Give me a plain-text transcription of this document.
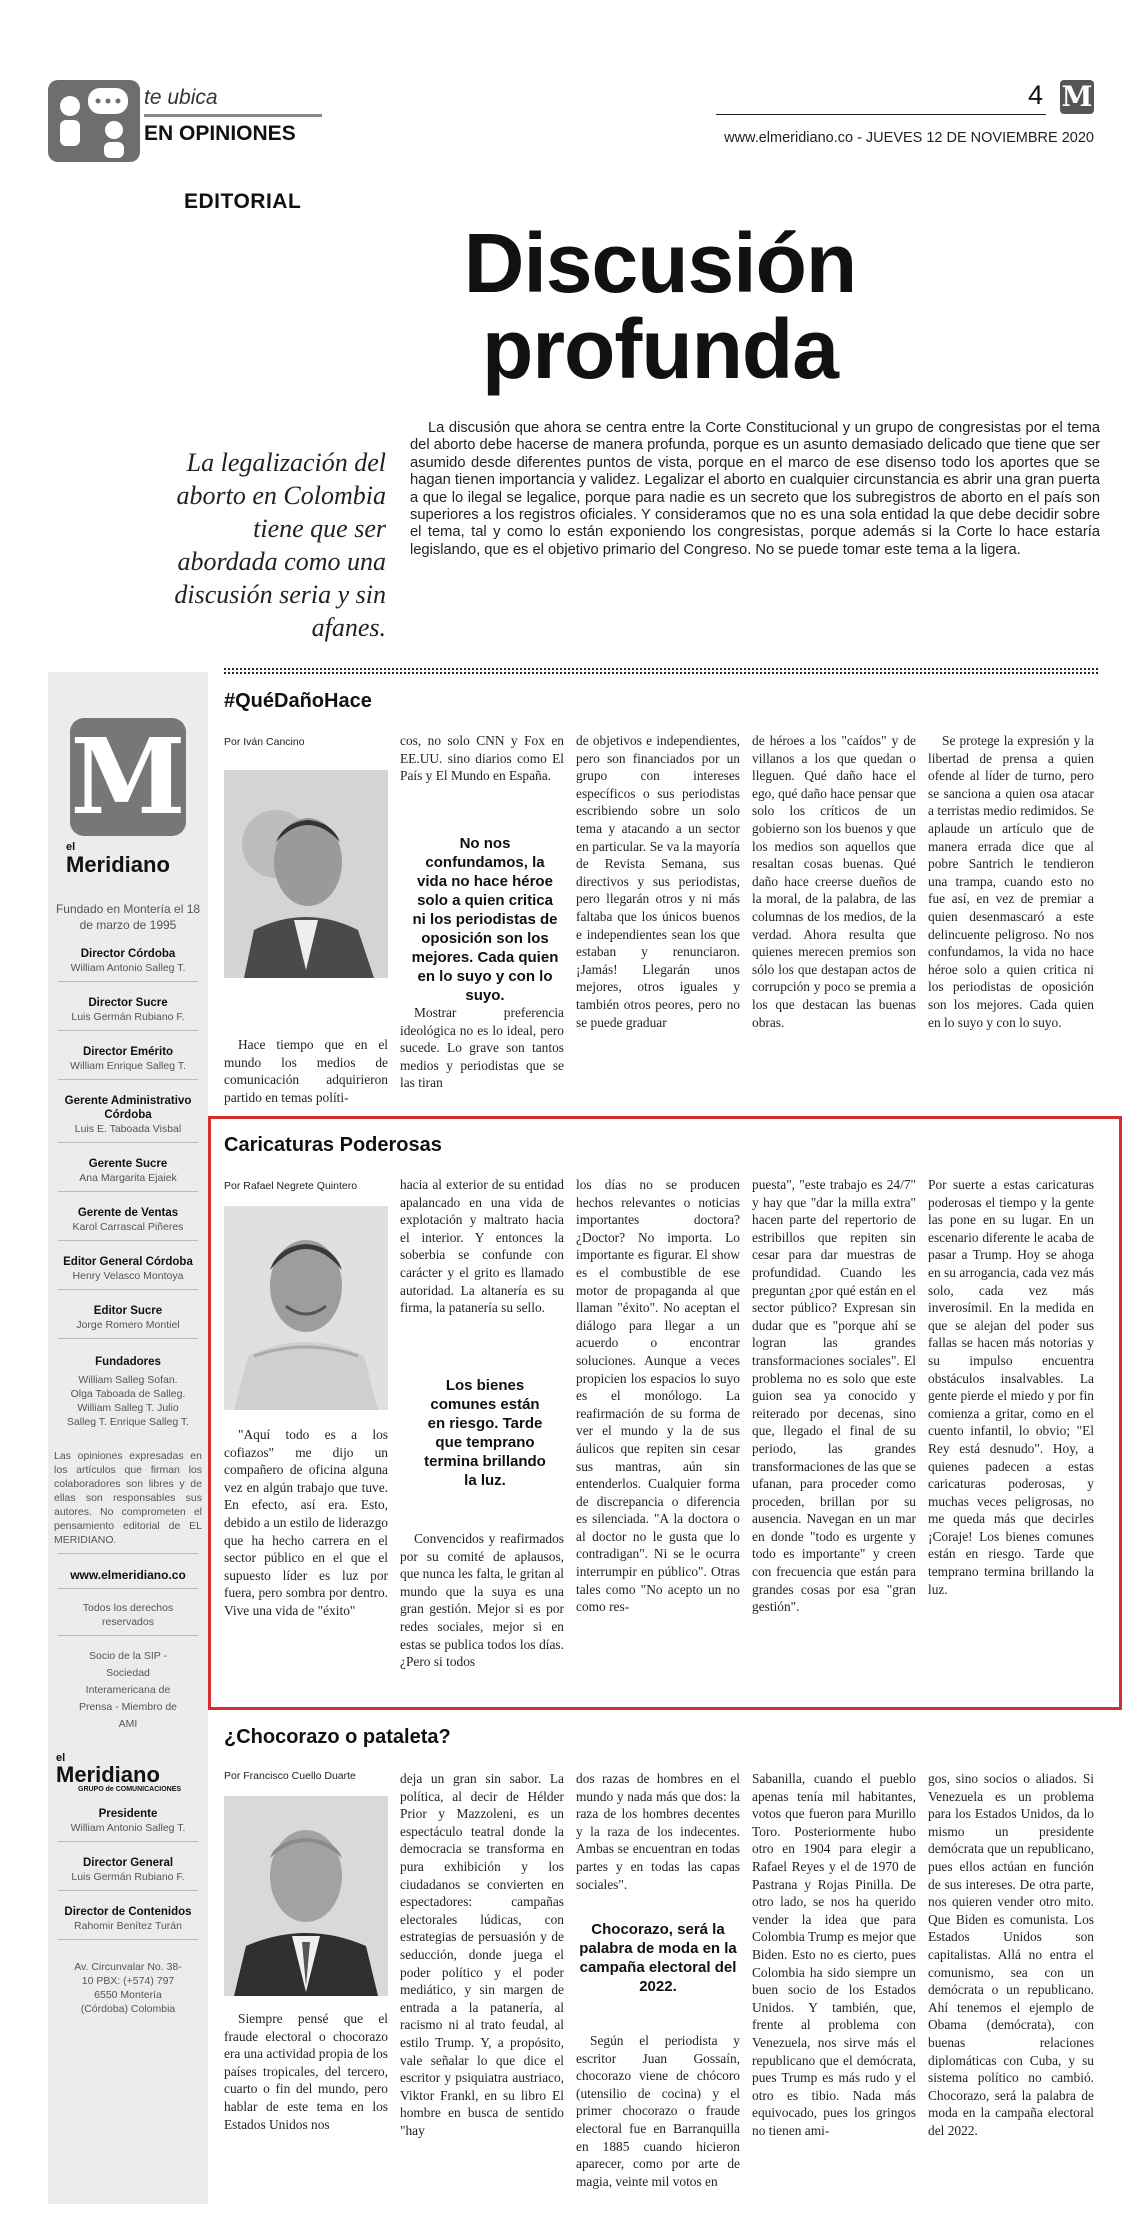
te ubica
EN OPINIONES
4 M
www.elmeridiano.co - JUEVES 12 DE NOVIEMBRE 2020
EDITORIAL
Discusión
profunda
La legalización del aborto en Colombia tiene que ser abordada como una discusión seria y sin afanes.
La discusión que ahora se centra entre la Corte Constitucional y un grupo de congresistas por el tema del aborto debe hacerse de manera profunda, porque es un asunto demasiado delicado que tiene que ser asumido desde diferentes puntos de vista, porque en el marco de ese disenso todo los aportes que se hagan tienen importancia y validez. Legalizar el aborto en cualquier circunstancia es abrir una gran puerta a que lo ilegal se legalice, porque para nadie es un secreto que los subregistros de aborto en el país son superiores a los registros oficiales. Y consideramos que no es una sola entidad la que debe decidir sobre el tema, tal y como lo están exponiendo los congresistas, porque además si la Corte lo hace estaría legislando, que es el objetivo primario del Congreso. No se puede tomar este tema a la ligera.
M
el
Meridiano
Fundado en Montería el 18 de marzo de 1995
Director Córdoba
William Antonio Salleg T.
Director Sucre
Luis Germán Rubiano F.
Director Emérito
William Enrique Salleg T.
Gerente Administrativo Córdoba
Luis E. Taboada Visbal
Gerente Sucre
Ana Margarita Ejaiek
Gerente de Ventas
Karol Carrascal Piñeres
Editor General Córdoba
Henry Velasco Montoya
Editor Sucre
Jorge Romero Montiel
Fundadores
William Salleg Sofan. Olga Taboada de Salleg. William Salleg T. Julio Salleg T. Enrique Salleg T.
Las opiniones expresadas en los artículos que firman los colaboradores son libres y de ellas son responsables sus autores. No comprometen el pensamiento editorial de EL MERIDIANO.
www.elmeridiano.co
Todos los derechos reservados
Socio de la SIP - Sociedad Interamericana de Prensa - Miembro de AMI
el
Meridiano
GRUPO de COMUNICACIONES
Presidente
William Antonio Salleg T.
Director General
Luis Germán Rubiano F.
Director de Contenidos
Rahomir Benítez Turán
Av. Circunvalar No. 38-10 PBX: (+574) 797 6550 Montería (Córdoba) Colombia
#QuéDañoHace
Por Iván Cancino
No nos confundamos, la vida no hace héroe solo a quien critica ni los periodistas de oposición son los mejores. Cada quien en lo suyo y con lo suyo.

Hace tiempo que en el mundo los medios de comunicación adquirieron partido en temas políti-

cos, no solo CNN y Fox en EE.UU. sino diarios como El País y El Mundo en España.

Mostrar preferencia ideológica no es lo ideal, pero sucede. Lo grave son tantos medios y periodistas que se las tiran

de objetivos e independientes, pero son financiados por un grupo con intereses específicos o sus periodistas escribiendo sobre un solo tema y atacando a un sector en particular. Se va la mayoría de Revista Semana, sus directivos y sus periodistas, pero llegarán otros y ni más faltaba que los únicos buenos e independientes sean los que estaban y renunciaron. ¡Jamás! Llegarán unos mejores, otros iguales y también otros peores, pero no se puede graduar

de héroes a los "caídos" y de villanos a los que quedan o lleguen. Qué daño hace el ego, qué daño hace pensar que solo los críticos de un gobierno son los buenos y que los medios son aquellos que resaltan cosas buenas. Qué daño hace creerse dueños de la moral, de la palabra, de las columnas de los medios, de la verdad. Ahora resulta que quienes merecen premios son sólo los que destapan actos de corrupción y poco se premia a los que destacan las buenas obras.

Se protege la expresión y la libertad de prensa a quien ofende al líder de turno, pero se sanciona a quien osa atacar a terristas medio redimidos. Se aplaude un artículo que de manera errada dice que al pobre Santrich le tendieron una trampa, cuando esto no fue así, en vez de premiar a quien desenmascaró a este delincuente peligroso. No nos confundamos, la vida no hace héroe solo a quien critica ni los periodistas de oposición son los mejores. Cada quien en lo suyo y con lo suyo.

Caricaturas Poderosas
Por Rafael Negrete Quintero
Los bienes comunes están en riesgo. Tarde que temprano termina brillando la luz.

"Aquí todo es a los cofiazos" me dijo un compañero de oficina alguna vez en algún trabajo que tuve. En efecto, así era. Esto, debido a un estilo de liderazgo que ha hecho carrera en el sector público en el que el supuesto líder es luz por fuera, pero sombra por dentro. Vive una vida de "éxito"

hacia al exterior de su entidad apalancado en una vida de explotación y maltrato hacia el interior. Y entonces la soberbia se confunde con carácter y el grito es llamado autoridad. La altanería es su firma, la patanería su sello.

Convencidos y reafirmados por su comité de aplausos, que nunca les falta, le gritan al mundo que la suya es una gran gestión. Mejor si es por redes sociales, mejor si en estas se publica todos los días. ¿Pero si todos

los días no se producen hechos relevantes o noticias importantes doctora? ¿Doctor? No importa. Lo importante es figurar. El show es el combustible de ese motor de propaganda al que llaman "éxito". No aceptan el diálogo para llegar a un acuerdo o encontrar soluciones. Aunque a veces propicien los espacios lo suyo es el monólogo. La reafirmación de su forma de ver el mundo y la de sus áulicos que repiten sin cesar sus mantras, aún sin entenderlos. Cualquier forma de discrepancia o diferencia es silenciada. "A la doctora o al doctor no le gusta que lo contradigan". Ni se le ocurra interrumpir en público". Otras tales como "No acepto un no como res-

puesta", "este trabajo es 24/7" y hay que "dar la milla extra" hacen parte del repertorio de estribillos que repiten sin cesar para dar muestras de profundidad. Cuando les preguntan ¿por qué están en el sector público? Expresan sin dudar que es "porque ahí se logran las grandes transformaciones sociales". El problema no es solo que este guion sea ya conocido y reiterado por decenas, sino que, llegado el final de su periodo, las grandes transformaciones de las que se ufanan, para proceder como proceden, brillan por su ausencia. Navegan en un mar en donde "todo es urgente y todo es importante" y creen con frecuencia que están para grandes cosas por esa "gran gestión".

Por suerte a estas caricaturas poderosas el tiempo y la gente las pone en su lugar. En un escenario diferente le acaba de pasar a Trump. Hoy se ahoga en su arrogancia, cada vez más solo, cada vez más inverosímil. En la medida en que se alejan del poder sus fallas se hacen más notorias y su impulso encuentra obstáculos insalvables. La gente pierde el miedo y por fin comienza a gritar, como en el cuento infantil, lo obvio; "El Rey está desnudo". Hoy, a quienes padecen a estas caricaturas poderosas, y muchas veces peligrosas, no me queda más que decirles ¡Coraje! Los bienes comunes están en riesgo. Tarde que temprano termina brillando la luz.

¿Chocorazo o pataleta?
Por Francisco Cuello Duarte
Chocorazo, será la palabra de moda en la campaña electoral del 2022.

Siempre pensé que el fraude electoral o chocorazo era una actividad propia de los países tropicales, del tercero, cuarto o fin del mundo, pero hablar de este tema en los Estados Unidos nos

deja un gran sin sabor. La política, al decir de Hélder Prior y Mazzoleni, es un espectáculo teatral donde la democracia se transforma en pura exhibición y los ciudadanos se convierten en espectadores: campañas electorales lúdicas, con estrategias de persuasión y de seducción, donde juega el poder político y el poder mediático, y sin margen de entrada a la patanería, al racismo ni al trato feudal, al estilo Trump. Y, a propósito, vale señalar lo que dice el escritor y psiquiatra austriaco, Viktor Frankl, en su libro El hombre en busca de sentido "hay

dos razas de hombres en el mundo y nada más que dos: la raza de los hombres decentes y la raza de los indecentes. Ambas se encuentran en todas partes y en todas las capas sociales".

Según el periodista y escritor Juan Gossaín, chocorazo viene de chócoro (utensilio de cocina) y el primer chocorazo o fraude electoral fue en Barranquilla en 1885 cuando hicieron aparecer, como por arte de magia, veinte mil votos en

Sabanilla, cuando el pueblo apenas tenía mil habitantes, votos que fueron para Murillo Toro. Posteriormente hubo otro en 1904 para elegir a Rafael Reyes y el de 1970 de Pastrana y Rojas Pinilla. De otro lado, se nos ha querido vender la idea que para Colombia Trump es mejor que Biden. Esto no es cierto, pues Colombia ha sido siempre un buen socio de los Estados Unidos. Y también, que, frente al problema con Venezuela, nos sirve más el republicano que el demócrata, pues Trump es más rudo y el otro es tibio. Nada más equivocado, pues los gringos no tienen ami-

gos, sino socios o aliados. Si Venezuela es un problema para los Estados Unidos, da lo mismo un presidente demócrata que un republicano, pues ellos actúan en función de sus intereses. De otra parte, nos quieren vender otro mito. Que Biden es comunista. Los Estados Unidos son capitalistas. Allá no entra el comunismo, sea con un demócrata o un republicano. Ahí tenemos el ejemplo de Obama (demócrata), con buenas relaciones diplomáticas con Cuba, y su sistema político no cambió. Chocorazo, será la palabra de moda en la campaña electoral del 2022.
